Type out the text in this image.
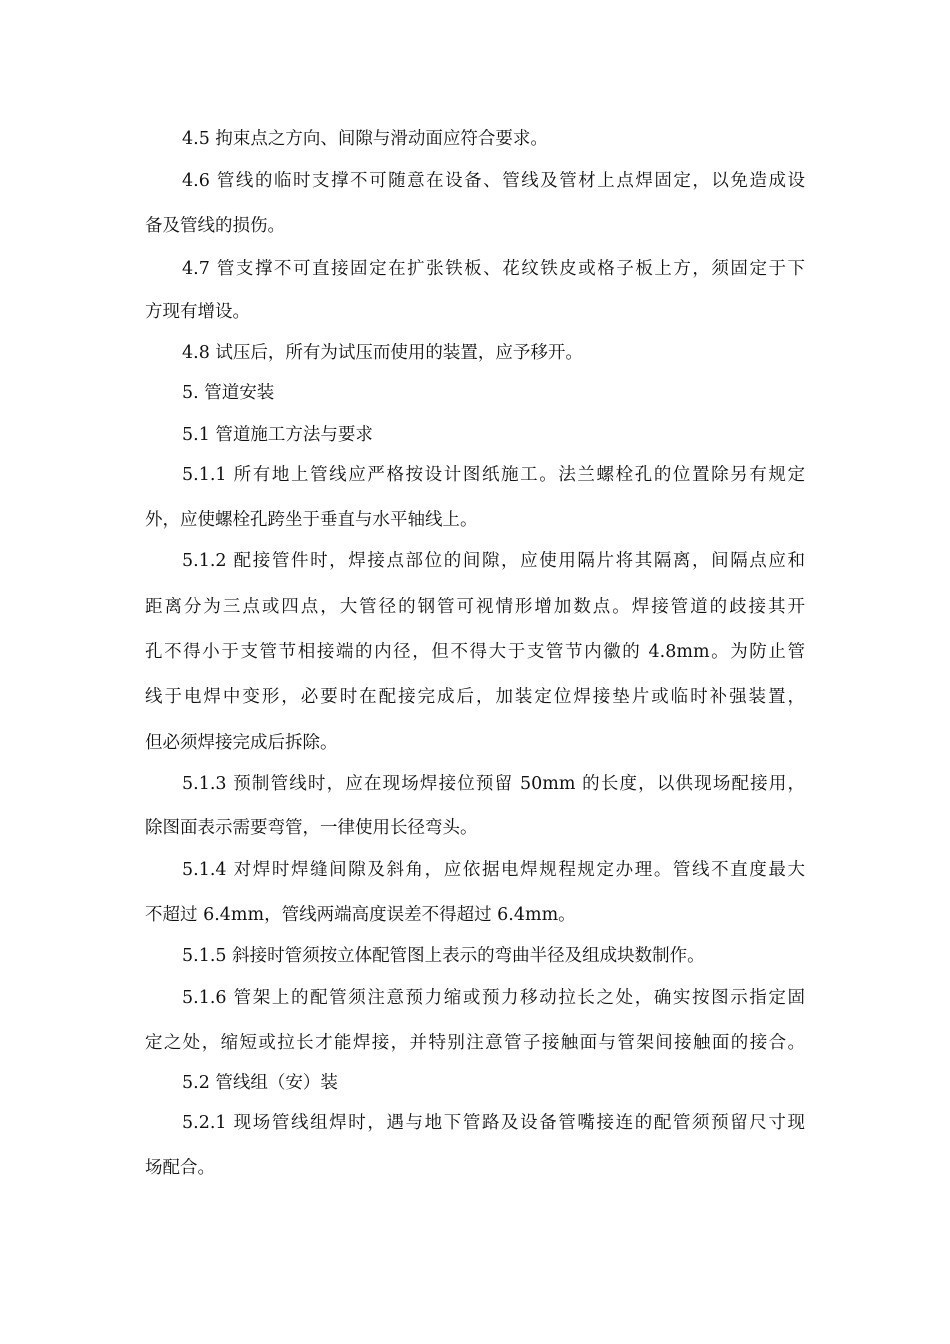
4.5 拘束点之方向、间隙与滑动面应符合要求。
4.6 管线的临时支撑不可随意在设备、管线及管材上点焊固定，以免造成设
备及管线的损伤。
4.7 管支撑不可直接固定在扩张铁板、花纹铁皮或格子板上方，须固定于下
方现有增设。
4.8 试压后，所有为试压而使用的装置，应予移开。
5. 管道安装
5.1 管道施工方法与要求
5.1.1 所有地上管线应严格按设计图纸施工。法兰螺栓孔的位置除另有规定
外，应使螺栓孔跨坐于垂直与水平轴线上。
5.1.2 配接管件时，焊接点部位的间隙，应使用隔片将其隔离，间隔点应和
距离分为三点或四点，大管径的钢管可视情形增加数点。焊接管道的歧接其开
孔不得小于支管节相接端的内径，但不得大于支管节内徽的 4.8mm。为防止管
线于电焊中变形，必要时在配接完成后，加装定位焊接垫片或临时补强装置，
但必须焊接完成后拆除。
5.1.3 预制管线时，应在现场焊接位预留 50mm 的长度，以供现场配接用，
除图面表示需要弯管，一律使用长径弯头。
5.1.4 对焊时焊缝间隙及斜角，应依据电焊规程规定办理。管线不直度最大
不超过 6.4mm，管线两端高度误差不得超过 6.4mm。
5.1.5 斜接时管须按立体配管图上表示的弯曲半径及组成块数制作。
5.1.6 管架上的配管须注意预力缩或预力移动拉长之处，确实按图示指定固
定之处，缩短或拉长才能焊接，并特别注意管子接触面与管架间接触面的接合。
5.2 管线组（安）装
5.2.1 现场管线组焊时，遇与地下管路及设备管嘴接连的配管须预留尺寸现
场配合。
